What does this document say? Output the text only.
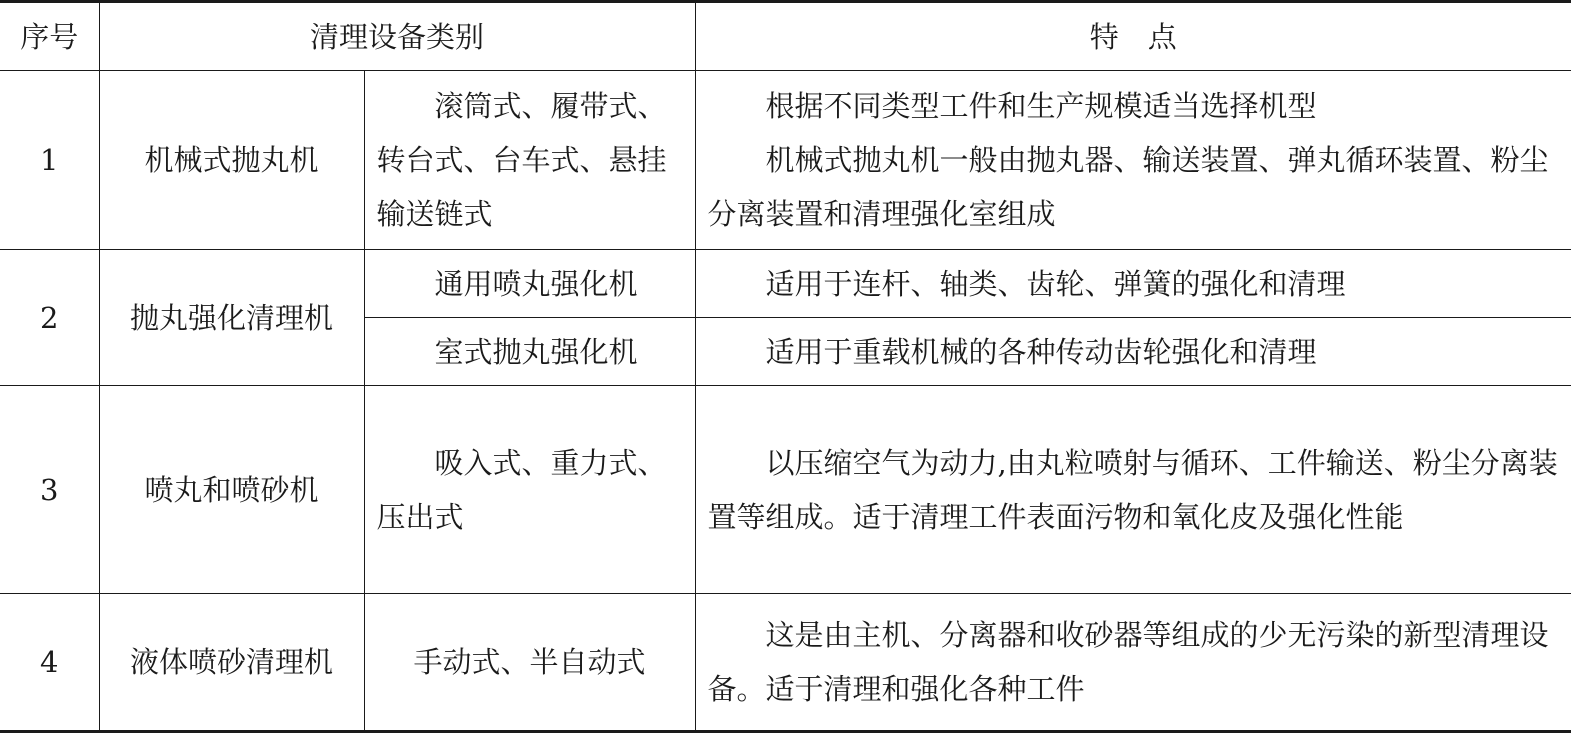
序号	清理设备类别		特　点
1	机械式抛丸机	滚筒式、履带式、转台式、台车式、悬挂输送链式	根据不同类型工件和生产规模适当选择机型
机械式抛丸机一般由抛丸器、输送装置、弹丸循环装置、粉尘分离装置和清理强化室组成

2	抛丸强化清理机	通用喷丸强化机	适用于连杆、轴类、齿轮、弹簧的强化和清理
		室式抛丸强化机	适用于重载机械的各种传动齿轮强化和清理
3	喷丸和喷砂机	吸入式、重力式、压出式	以压缩空气为动力,由丸粒喷射与循环、工件输送、粉尘分离装置等组成。适于清理工件表面污物和氧化皮及强化性能
4	液体喷砂清理机	手动式、半自动式	这是由主机、分离器和收砂器等组成的少无污染的新型清理设备。适于清理和强化各种工件
